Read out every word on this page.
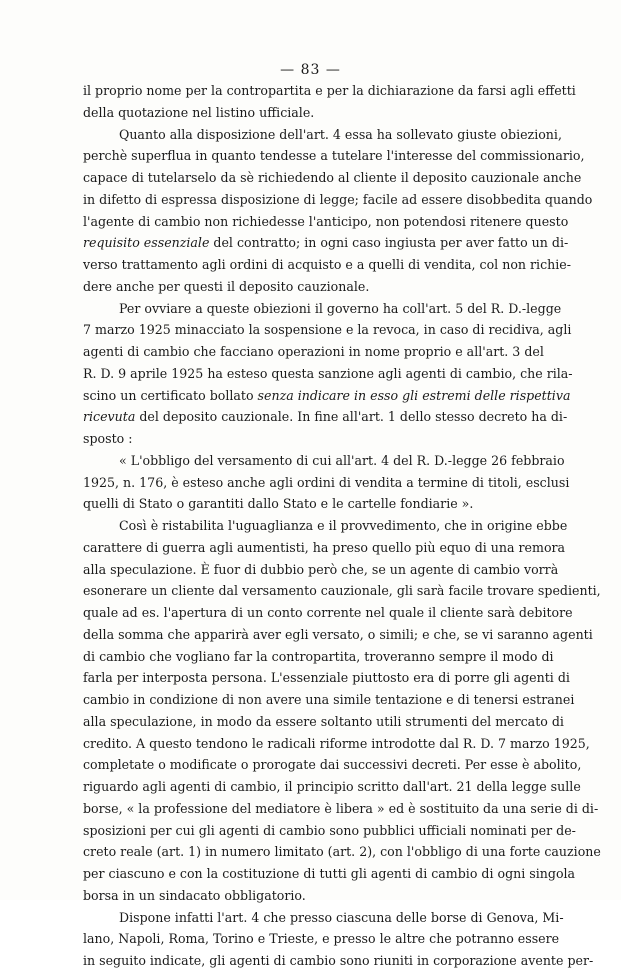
— 83 —
il proprio nome per la contropartita e per la dichiarazione da farsi agli effetti
della quotazione nel listino ufficiale.
Quanto alla disposizione dell'art. 4 essa ha sollevato giuste obiezioni,
perchè superflua in quanto tendesse a tutelare l'interesse del commissionario,
capace di tutelarselo da sè richiedendo al cliente il deposito cauzionale anche
in difetto di espressa disposizione di legge; facile ad essere disobbedita quando
l'agente di cambio non richiedesse l'anticipo, non potendosi ritenere questo
requisito essenziale del contratto; in ogni caso ingiusta per aver fatto un di-
verso trattamento agli ordini di acquisto e a quelli di vendita, col non richie-
dere anche per questi il deposito cauzionale.
Per ovviare a queste obiezioni il governo ha coll'art. 5 del R. D.-legge
7 marzo 1925 minacciato la sospensione e la revoca, in caso di recidiva, agli
agenti di cambio che facciano operazioni in nome proprio e all'art. 3 del
R. D. 9 aprile 1925 ha esteso questa sanzione agli agenti di cambio, che rila-
scino un certificato bollato senza indicare in esso gli estremi delle rispettiva
ricevuta del deposito cauzionale. In fine all'art. 1 dello stesso decreto ha di-
sposto :
« L'obbligo del versamento di cui all'art. 4 del R. D.-legge 26 febbraio
1925, n. 176, è esteso anche agli ordini di vendita a termine di titoli, esclusi
quelli di Stato o garantiti dallo Stato e le cartelle fondiarie ».
Così è ristabilita l'uguaglianza e il provvedimento, che in origine ebbe
carattere di guerra agli aumentisti, ha preso quello più equo di una remora
alla speculazione. È fuor di dubbio però che, se un agente di cambio vorrà
esonerare un cliente dal versamento cauzionale, gli sarà facile trovare spedienti,
quale ad es. l'apertura di un conto corrente nel quale il cliente sarà debitore
della somma che apparirà aver egli versato, o simili; e che, se vi saranno agenti
di cambio che vogliano far la contropartita, troveranno sempre il modo di
farla per interposta persona. L'essenziale piuttosto era di porre gli agenti di
cambio in condizione di non avere una simile tentazione e di tenersi estranei
alla speculazione, in modo da essere soltanto utili strumenti del mercato di
credito. A questo tendono le radicali riforme introdotte dal R. D. 7 marzo 1925,
completate o modificate o prorogate dai successivi decreti. Per esse è abolito,
riguardo agli agenti di cambio, il principio scritto dall'art. 21 della legge sulle
borse, « la professione del mediatore è libera » ed è sostituito da una serie di di-
sposizioni per cui gli agenti di cambio sono pubblici ufficiali nominati per de-
creto reale (art. 1) in numero limitato (art. 2), con l'obbligo di una forte cauzione
per ciascuno e con la costituzione di tutti gli agenti di cambio di ogni singola
borsa in un sindacato obbligatorio.
Dispone infatti l'art. 4 che presso ciascuna delle borse di Genova, Mi-
lano, Napoli, Roma, Torino e Trieste, e presso le altre che potranno essere
in seguito indicate, gli agenti di cambio sono riuniti in corporazione avente per-
